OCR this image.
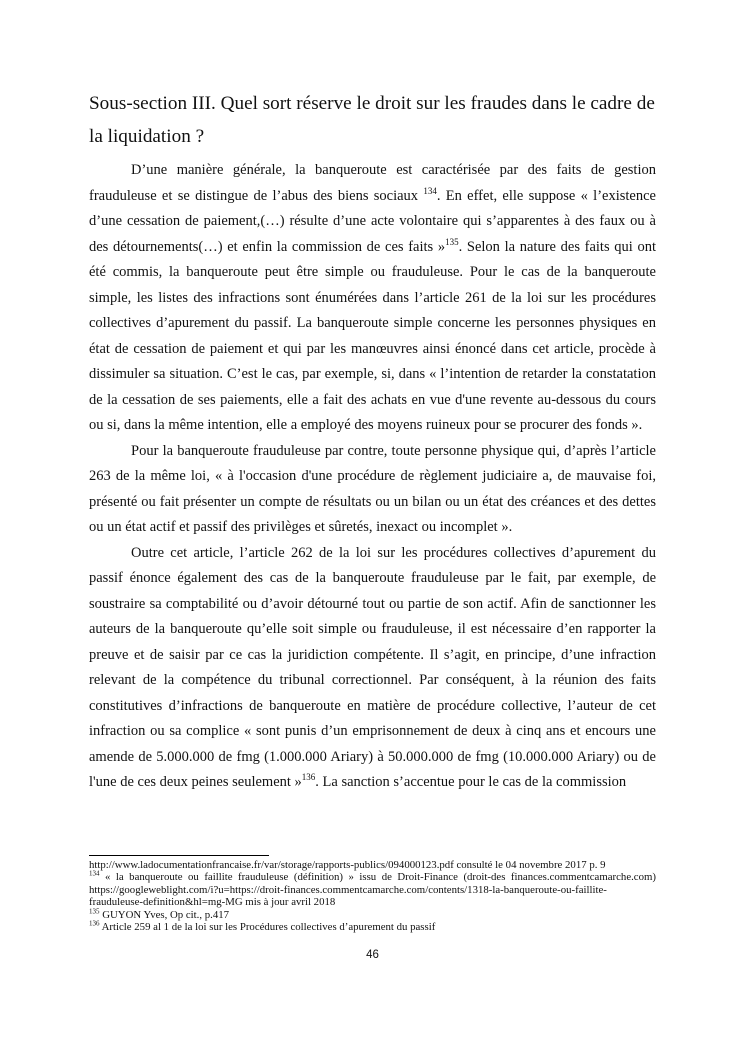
Sous-section III. Quel sort réserve le droit sur les fraudes dans le cadre de la liquidation ?

D’une manière générale, la banqueroute est caractérisée par des faits de gestion frauduleuse et se distingue de l’abus des biens sociaux $^{134}$. En effet, elle suppose « l’existence d’une cessation de paiement,(…) résulte d’une acte volontaire qui s’apparentes à des faux ou à des détournements(…) et enfin la commission de ces faits »$^{135}$. Selon la nature des faits qui ont été commis, la banqueroute peut être simple ou frauduleuse. Pour le cas de la banqueroute simple, les listes des infractions sont énumérées dans l’article 261 de la loi sur les procédures collectives d’apurement du passif. La banqueroute simple concerne les personnes physiques en état de cessation de paiement et qui par les manœuvres ainsi énoncé dans cet article, procède à dissimuler sa situation. C’est le cas, par exemple, si, dans « l’intention de retarder la constatation de la cessation de ses paiements, elle a fait des achats en vue d'une revente au-dessous du cours ou si, dans la même intention, elle a employé des moyens ruineux pour se procurer des fonds ».

Pour la banqueroute frauduleuse par contre, toute personne physique qui, d’après l’article 263 de la même loi, « à l'occasion d'une procédure de règlement judiciaire a, de mauvaise foi, présenté ou fait présenter un compte de résultats ou un bilan ou un état des créances et des dettes ou un état actif et passif des privilèges et sûretés, inexact ou incomplet ».

Outre cet article, l’article 262 de la loi sur les procédures collectives d’apurement du passif énonce également des cas de la banqueroute frauduleuse par le fait, par exemple, de soustraire sa comptabilité ou d’avoir détourné tout ou partie de son actif. Afin de sanctionner les auteurs de la banqueroute qu’elle soit simple ou frauduleuse, il est nécessaire d’en rapporter la preuve et de saisir par ce cas la juridiction compétente. Il s’agit, en principe, d’une infraction relevant de la compétence du tribunal correctionnel. Par conséquent, à la réunion des faits constitutives d’infractions de banqueroute en matière de procédure collective, l’auteur de cet infraction ou sa complice « sont punis d’un emprisonnement de deux à cinq ans et encours une amende de 5.000.000 de fmg (1.000.000 Ariary) à 50.000.000 de fmg (10.000.000 Ariary) ou de l'une de ces deux peines seulement »$^{136}$. La sanction s’accentue pour le cas de la commission

http://www.ladocumentationfrancaise.fr/var/storage/rapports-publics/094000123.pdf consulté le 04 novembre 2017 p. 9
$^{134}$ « la banqueroute ou faillite frauduleuse (définition) » issu de Droit-Finance (droit-des finances.commentcamarche.com) https://googleweblight.com/i?u=https://droit-finances.commentcamarche.com/contents/1318-la-banqueroute-ou-faillite-frauduleuse-definition&hl=mg-MG mis à jour avril 2018
$^{135}$ GUYON Yves, Op cit., p.417
$^{136}$ Article 259 al 1 de la loi sur les Procédures collectives d’apurement du passif
46
